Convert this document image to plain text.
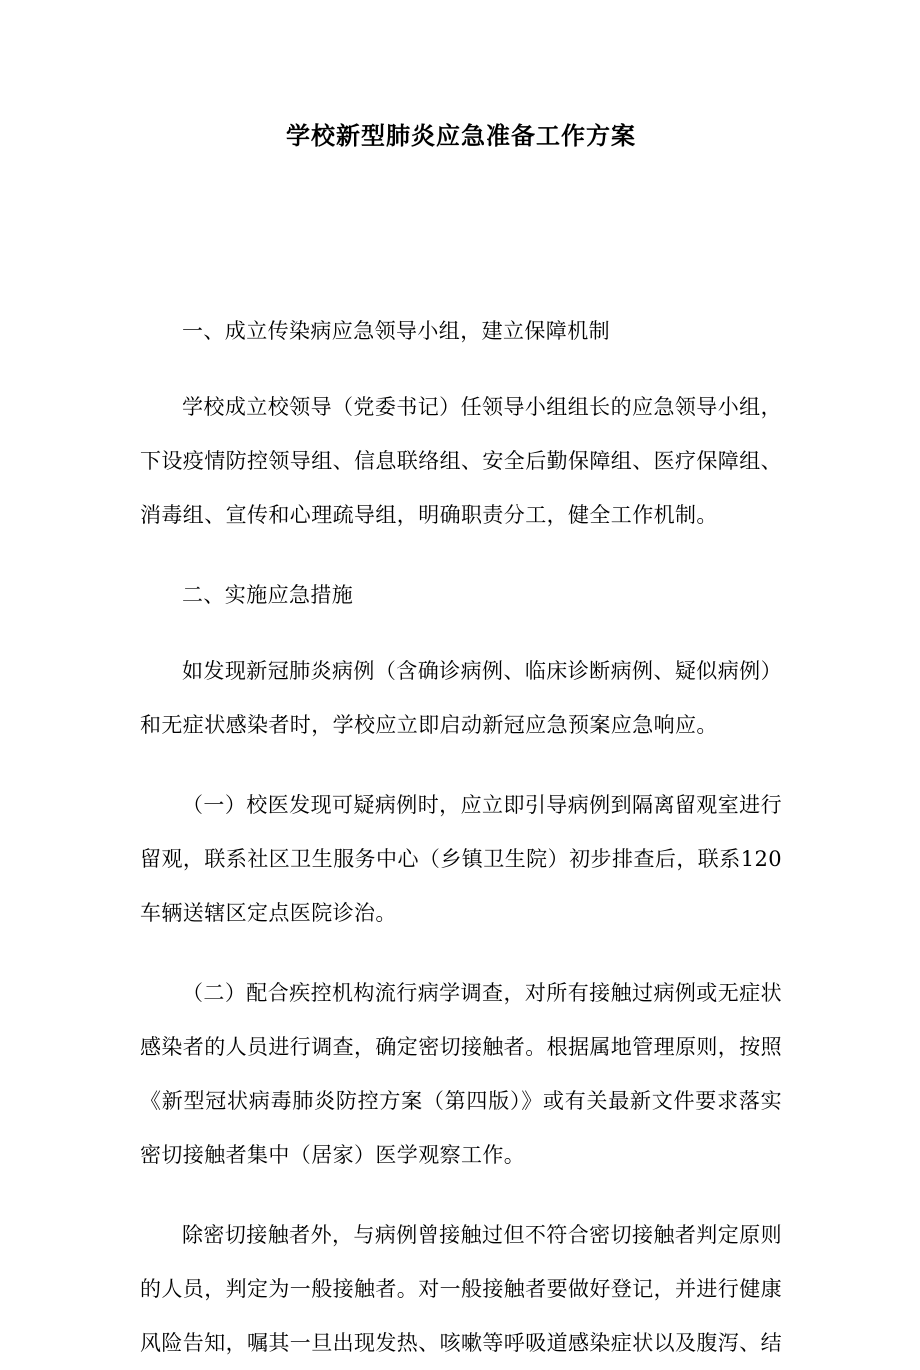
学校新型肺炎应急准备工作方案

一、成立传染病应急领导小组，建立保障机制

学校成立校领导（党委书记）任领导小组组长的应急领导小组，下设疫情防控领导组、信息联络组、安全后勤保障组、医疗保障组、消毒组、宣传和心理疏导组，明确职责分工，健全工作机制。

二、实施应急措施

如发现新冠肺炎病例（含确诊病例、临床诊断病例、疑似病例）和无症状感染者时，学校应立即启动新冠应急预案应急响应。

（一）校医发现可疑病例时，应立即引导病例到隔离留观室进行留观，联系社区卫生服务中心（乡镇卫生院）初步排查后，联系120车辆送辖区定点医院诊治。

（二）配合疾控机构流行病学调查，对所有接触过病例或无症状感染者的人员进行调查，确定密切接触者。根据属地管理原则，按照《新型冠状病毒肺炎防控方案（第四版）》或有关最新文件要求落实密切接触者集中（居家）医学观察工作。

除密切接触者外，与病例曾接触过但不符合密切接触者判定原则的人员，判定为一般接触者。对一般接触者要做好登记，并进行健康风险告知，嘱其一旦出现发热、咳嗽等呼吸道感染症状以及腹泻、结
